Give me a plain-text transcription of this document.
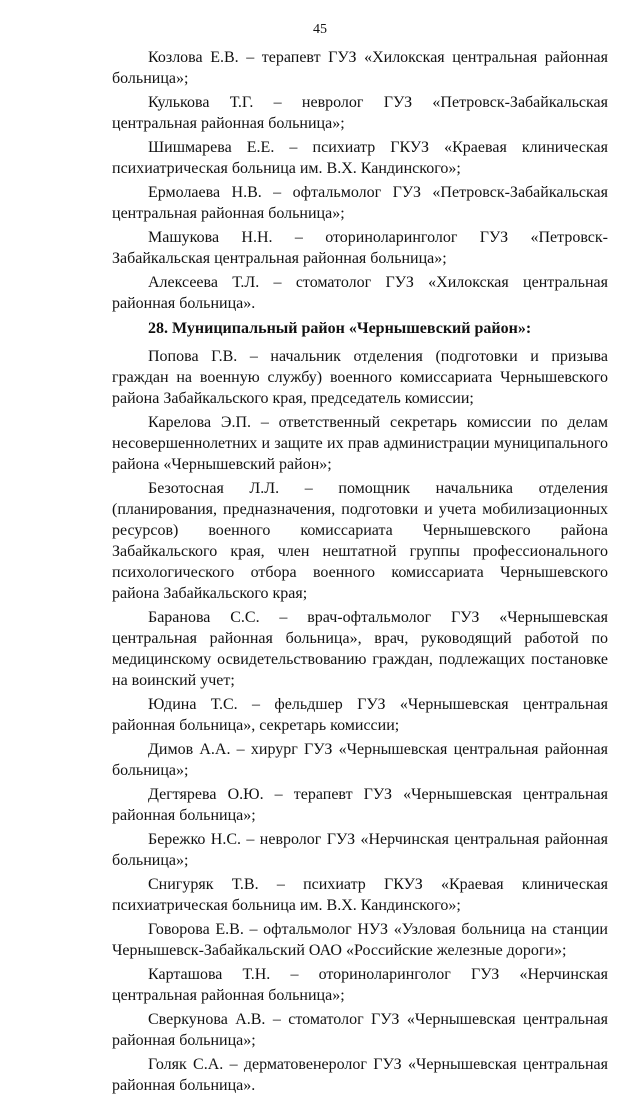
45

Козлова Е.В. – терапевт ГУЗ «Хилокская центральная районная больница»;

Кулькова Т.Г. – невролог ГУЗ «Петровск-Забайкальская центральная районная больница»;

Шишмарева Е.Е. – психиатр ГКУЗ «Краевая клиническая психиатрическая больница им. В.Х. Кандинского»;

Ермолаева Н.В. – офтальмолог ГУЗ «Петровск-Забайкальская центральная районная больница»;

Машукова Н.Н. – оториноларинголог ГУЗ «Петровск-Забайкальская центральная районная больница»;

Алексеева Т.Л. – стоматолог ГУЗ «Хилокская центральная районная больница».

28. Муниципальный район «Чернышевский район»:

Попова Г.В. – начальник отделения (подготовки и призыва граждан на военную службу) военного комиссариата Чернышевского района Забайкальского края, председатель комиссии;

Карелова Э.П. – ответственный секретарь комиссии по делам несовершеннолетних и защите их прав администрации муниципального района «Чернышевский район»;

Безотосная Л.Л. – помощник начальника отделения (планирования, предназначения, подготовки и учета мобилизационных ресурсов) военного комиссариата Чернышевского района Забайкальского края, член нештатной группы профессионального психологического отбора военного комиссариата Чернышевского района Забайкальского края;

Баранова С.С. – врач-офтальмолог ГУЗ «Чернышевская центральная районная больница», врач, руководящий работой по медицинскому освидетельствованию граждан, подлежащих постановке на воинский учет;

Юдина Т.С. – фельдшер ГУЗ «Чернышевская центральная районная больница», секретарь комиссии;

Димов А.А. – хирург ГУЗ «Чернышевская центральная районная больница»;

Дегтярева О.Ю. – терапевт ГУЗ «Чернышевская центральная районная больница»;

Бережко Н.С. – невролог ГУЗ «Нерчинская центральная районная больница»;

Снигуряк Т.В. – психиатр ГКУЗ «Краевая клиническая психиатрическая больница им. В.Х. Кандинского»;

Говорова Е.В. – офтальмолог НУЗ «Узловая больница на станции Чернышевск-Забайкальский ОАО «Российские железные дороги»;

Карташова Т.Н. – оториноларинголог ГУЗ «Нерчинская центральная районная больница»;

Сверкунова А.В. – стоматолог ГУЗ «Чернышевская центральная районная больница»;

Голяк С.А. – дерматовенеролог ГУЗ «Чернышевская центральная районная больница».
